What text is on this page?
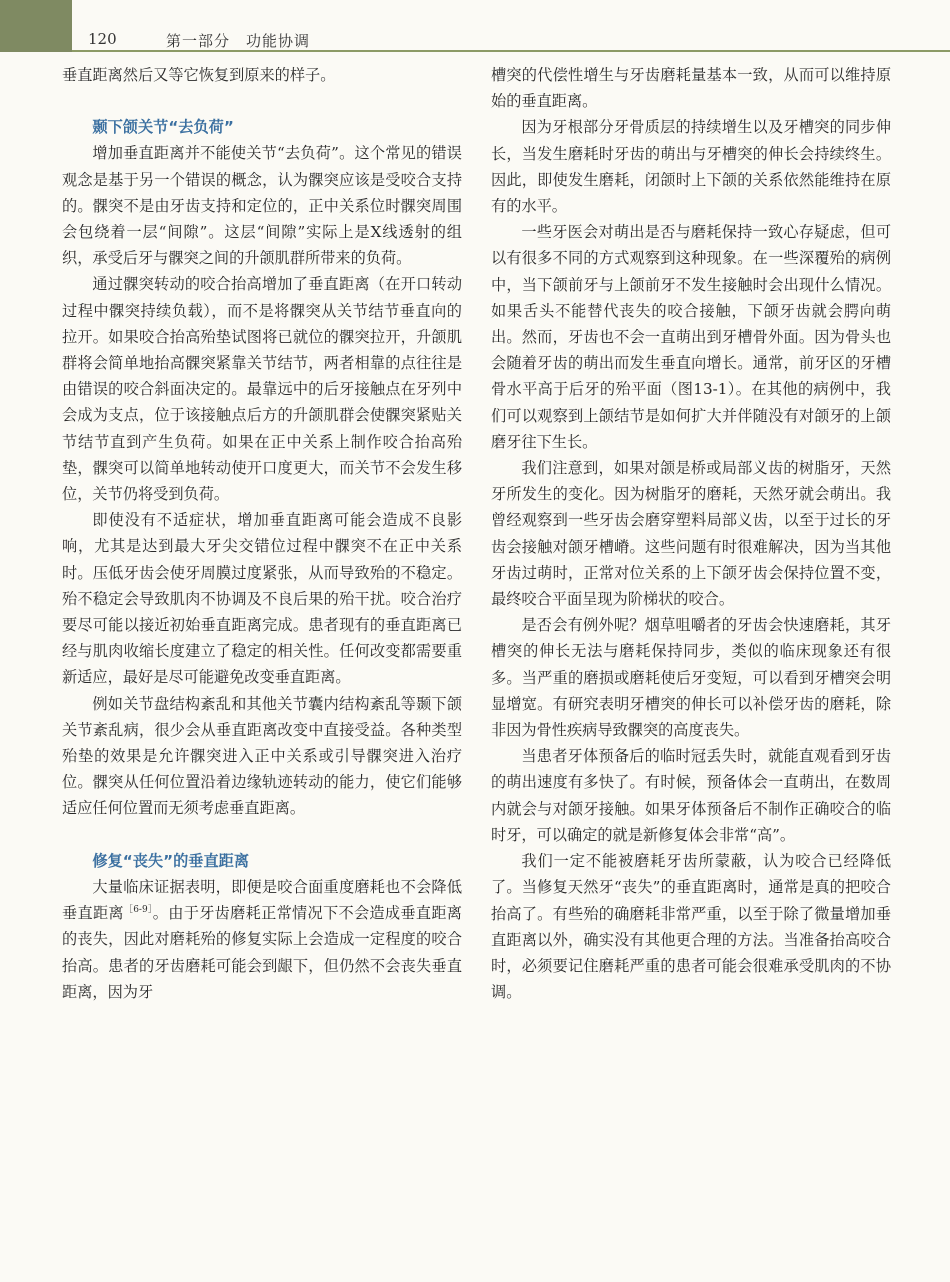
120	第一部分　功能协调

垂直距离然后又等它恢复到原来的样子。

颞下颌关节“去负荷”

增加垂直距离并不能使关节“去负荷”。这个常见的错误观念是基于另一个错误的概念，认为髁突应该是受咬合支持的。髁突不是由牙齿支持和定位的，正中关系位时髁突周围会包绕着一层“间隙”。这层“间隙”实际上是X线透射的组织，承受后牙与髁突之间的升颌肌群所带来的负荷。

通过髁突转动的咬合抬高增加了垂直距离（在开口转动过程中髁突持续负载），而不是将髁突从关节结节垂直向的拉开。如果咬合抬高殆垫试图将已就位的髁突拉开，升颌肌群将会简单地抬高髁突紧靠关节结节，两者相靠的点往往是由错误的咬合斜面决定的。最靠远中的后牙接触点在牙列中会成为支点，位于该接触点后方的升颌肌群会使髁突紧贴关节结节直到产生负荷。如果在正中关系上制作咬合抬高殆垫，髁突可以简单地转动使开口度更大，而关节不会发生移位，关节仍将受到负荷。

即使没有不适症状，增加垂直距离可能会造成不良影响，尤其是达到最大牙尖交错位过程中髁突不在正中关系时。压低牙齿会使牙周膜过度紧张，从而导致殆的不稳定。殆不稳定会导致肌肉不协调及不良后果的殆干扰。咬合治疗要尽可能以接近初始垂直距离完成。患者现有的垂直距离已经与肌肉收缩长度建立了稳定的相关性。任何改变都需要重新适应，最好是尽可能避免改变垂直距离。

例如关节盘结构紊乱和其他关节囊内结构紊乱等颞下颌关节紊乱病，很少会从垂直距离改变中直接受益。各种类型殆垫的效果是允许髁突进入正中关系或引导髁突进入治疗位。髁突从任何位置沿着边缘轨迹转动的能力，使它们能够适应任何位置而无须考虑垂直距离。

修复“丧失”的垂直距离

大量临床证据表明，即便是咬合面重度磨耗也不会降低垂直距离$^{[6-9]}$。由于牙齿磨耗正常情况下不会造成垂直距离的丧失，因此对磨耗殆的修复实际上会造成一定程度的咬合抬高。患者的牙齿磨耗可能会到龈下，但仍然不会丧失垂直距离，因为牙

槽突的代偿性增生与牙齿磨耗量基本一致，从而可以维持原始的垂直距离。

因为牙根部分牙骨质层的持续增生以及牙槽突的同步伸长，当发生磨耗时牙齿的萌出与牙槽突的伸长会持续终生。因此，即使发生磨耗，闭颌时上下颌的关系依然能维持在原有的水平。

一些牙医会对萌出是否与磨耗保持一致心存疑虑，但可以有很多不同的方式观察到这种现象。在一些深覆殆的病例中，当下颌前牙与上颌前牙不发生接触时会出现什么情况。如果舌头不能替代丧失的咬合接触，下颌牙齿就会腭向萌出。然而，牙齿也不会一直萌出到牙槽骨外面。因为骨头也会随着牙齿的萌出而发生垂直向增长。通常，前牙区的牙槽骨水平高于后牙的殆平面（图13-1）。在其他的病例中，我们可以观察到上颌结节是如何扩大并伴随没有对颌牙的上颌磨牙往下生长。

我们注意到，如果对颌是桥或局部义齿的树脂牙，天然牙所发生的变化。因为树脂牙的磨耗，天然牙就会萌出。我曾经观察到一些牙齿会磨穿塑料局部义齿，以至于过长的牙齿会接触对颌牙槽嵴。这些问题有时很难解决，因为当其他牙齿过萌时，正常对位关系的上下颌牙齿会保持位置不变，最终咬合平面呈现为阶梯状的咬合。

是否会有例外呢？烟草咀嚼者的牙齿会快速磨耗，其牙槽突的伸长无法与磨耗保持同步，类似的临床现象还有很多。当严重的磨损或磨耗使后牙变短，可以看到牙槽突会明显增宽。有研究表明牙槽突的伸长可以补偿牙齿的磨耗，除非因为骨性疾病导致髁突的高度丧失。

当患者牙体预备后的临时冠丢失时，就能直观看到牙齿的萌出速度有多快了。有时候，预备体会一直萌出，在数周内就会与对颌牙接触。如果牙体预备后不制作正确咬合的临时牙，可以确定的就是新修复体会非常“高”。

我们一定不能被磨耗牙齿所蒙蔽，认为咬合已经降低了。当修复天然牙“丧失”的垂直距离时，通常是真的把咬合抬高了。有些殆的确磨耗非常严重，以至于除了微量增加垂直距离以外，确实没有其他更合理的方法。当准备抬高咬合时，必须要记住磨耗严重的患者可能会很难承受肌肉的不协调。
